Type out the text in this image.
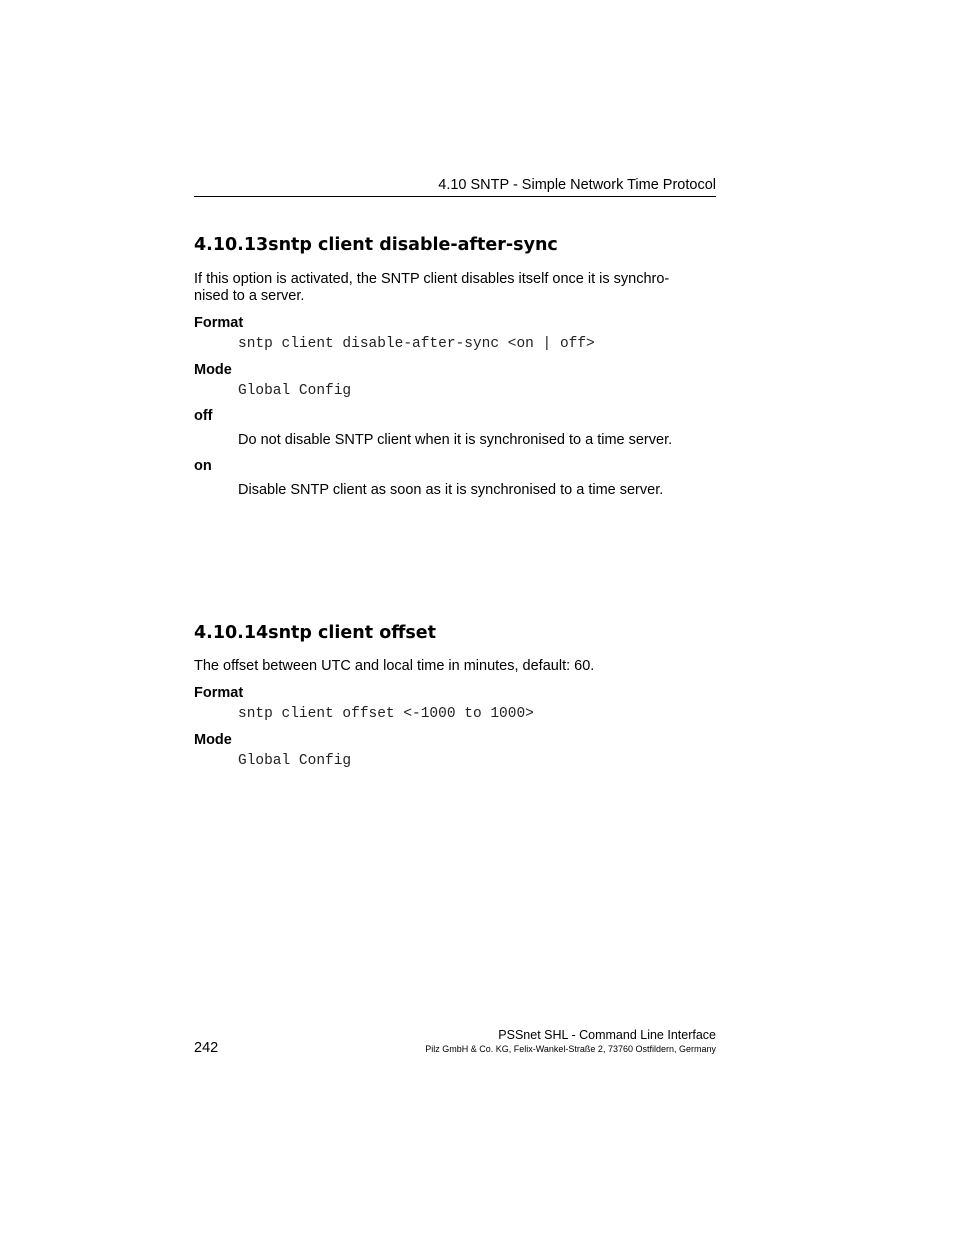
4.10 SNTP - Simple Network Time Protocol
4.10.13sntp client disable-after-sync
If this option is activated, the SNTP client disables itself once it is synchro-
nised to a server.
Format
sntp client disable-after-sync <on | off>
Mode
Global Config
off
Do not disable SNTP client when it is synchronised to a time server.
on
Disable SNTP client as soon as it is synchronised to a time server.
4.10.14sntp client offset
The offset between UTC and local time in minutes, default: 60.
Format
sntp client offset <-1000 to 1000>
Mode
Global Config
242
PSSnet SHL - Command Line Interface
Pilz GmbH & Co. KG, Felix-Wankel-Straße 2, 73760 Ostfildern, Germany
